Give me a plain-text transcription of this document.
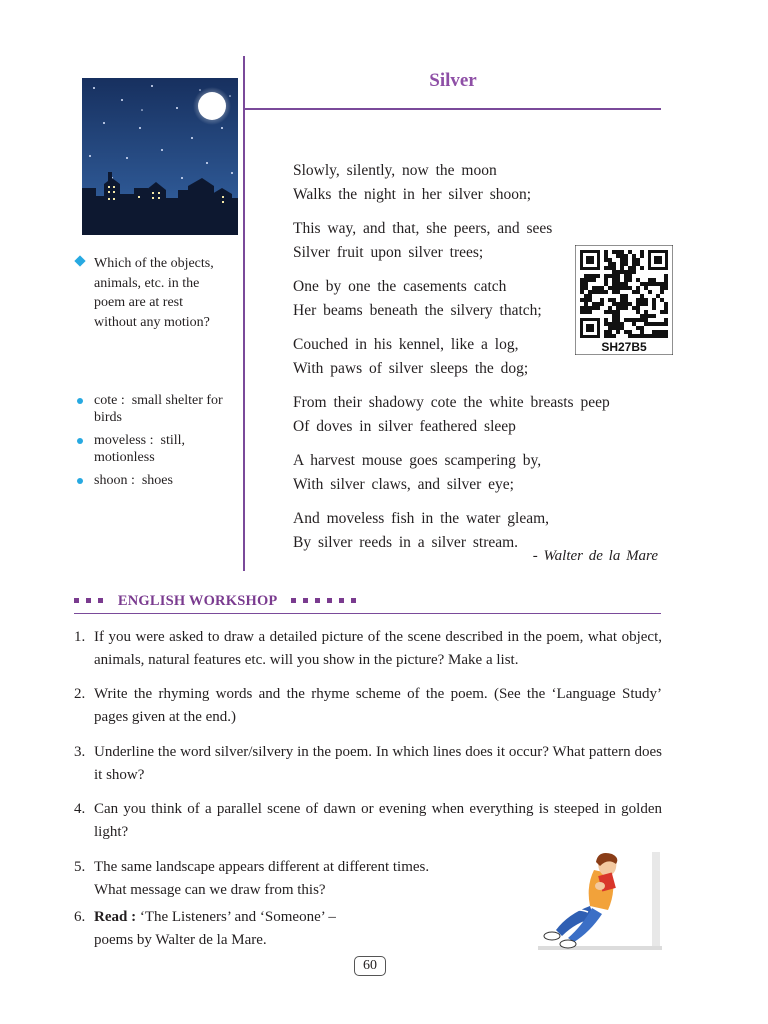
Silver
Which of the objects, animals, etc. in the poem are at rest without any motion?
cote :  small shelter for birds
moveless :  still, motionless
shoon :  shoes
Slowly, silently, now the moon
Walks the night in her silver shoon;
This way, and that, she peers, and sees
Silver fruit upon silver trees;
One by one the casements catch
Her beams beneath the silvery thatch;
Couched in his kennel, like a log,
With paws of silver sleeps the dog;
From their shadowy cote the white breasts peep
Of doves in silver feathered sleep
A harvest mouse goes scampering by,
With silver claws, and silver eye;
And moveless fish in the water gleam,
By silver reeds in a silver stream.
SH27B5
- Walter de la Mare
ENGLISH WORKSHOP
1. If you were asked to draw a detailed picture of the scene described in the poem, what object, animals, natural features etc. will you show in the picture? Make a list.
2. Write the rhyming words and the rhyme scheme of the poem. (See the ‘Language Study’ pages given at the end.)
3. Underline the word silver/silvery in the poem. In which lines does it occur? What pattern does it show?
4. Can you think of a parallel scene of dawn or evening when everything is steeped in golden light?
5. The same landscape appears different at different times.
What message can we draw from this?
6. Read : ‘The Listeners’ and ‘Someone’ –
poems by Walter de la Mare.
60
